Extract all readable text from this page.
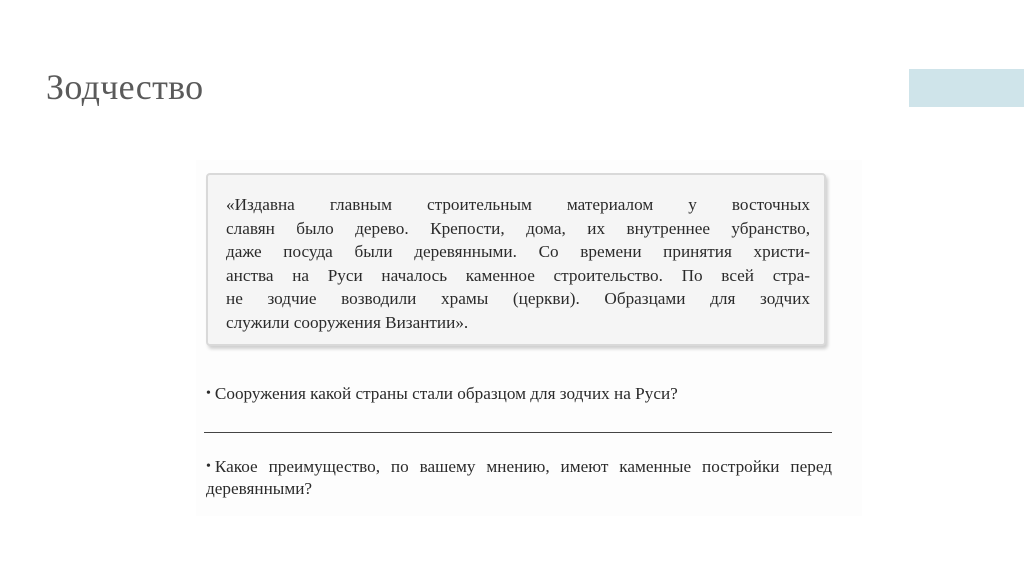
Зодчество

«Издавна главным строительным материалом у восточных

славян было дерево. Крепости, дома, их внутреннее убранство,

даже посуда были деревянными. Со времени принятия христи-

анства на Руси началось каменное строительство. По всей стра-

не зодчие возводили храмы (церкви). Образцами для зодчих

служили сооружения Византии».

• Сооружения какой страны стали образцом для зодчих на Руси?
• Какое преимущество, по вашему мнению, имеют каменные постройки перед деревянными?
